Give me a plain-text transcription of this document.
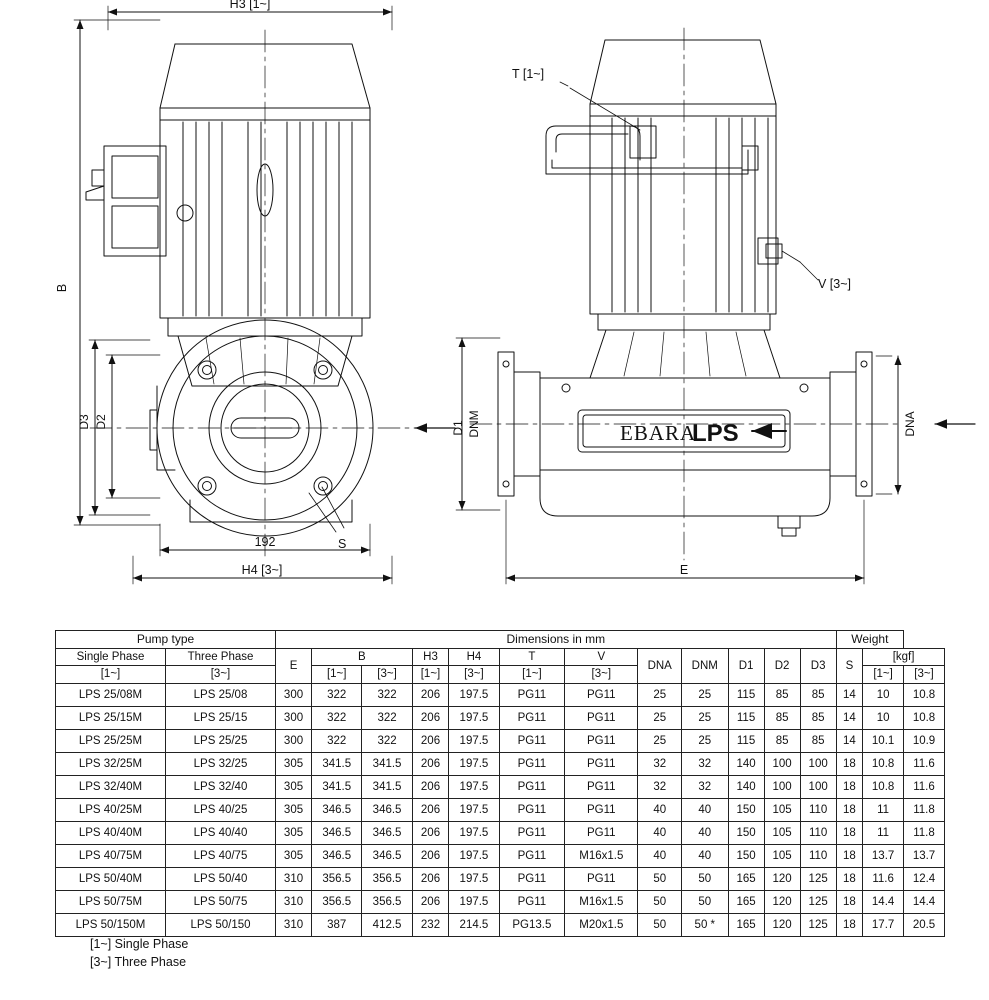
H3 [1~]
B
D3 D2
S
192
H4 [3~]
D1	EBARA
LPS
T [1~]
V [3~]
DNM	DNA
E
Pump type		Dimensions in mm												Weight		
Single Phase	Three Phase	E	B		H3	H4	T	V	DNA	DNM	D1	D2	D3	S	[kgf]	
[1~]	[3~]		[1~]	[3~]	[1~]	[3~]	[1~]	[3~]							[1~]	[3~]
LPS 25/08M	LPS 25/08	300	322	322	206	197.5	PG11	PG11	25	25	115	85	85	14	10	10.8
LPS 25/15M	LPS 25/15	300	322	322	206	197.5	PG11	PG11	25	25	115	85	85	14	10	10.8
LPS 25/25M	LPS 25/25	300	322	322	206	197.5	PG11	PG11	25	25	115	85	85	14	10.1	10.9
LPS 32/25M	LPS 32/25	305	341.5	341.5	206	197.5	PG11	PG11	32	32	140	100	100	18	10.8	11.6
LPS 32/40M	LPS 32/40	305	341.5	341.5	206	197.5	PG11	PG11	32	32	140	100	100	18	10.8	11.6
LPS 40/25M	LPS 40/25	305	346.5	346.5	206	197.5	PG11	PG11	40	40	150	105	110	18	11	11.8
LPS 40/40M	LPS 40/40	305	346.5	346.5	206	197.5	PG11	PG11	40	40	150	105	110	18	11	11.8
LPS 40/75M	LPS 40/75	305	346.5	346.5	206	197.5	PG11	M16x1.5	40	40	150	105	110	18	13.7	13.7
LPS 50/40M	LPS 50/40	310	356.5	356.5	206	197.5	PG11	PG11	50	50	165	120	125	18	11.6	12.4
LPS 50/75M	LPS 50/75	310	356.5	356.5	206	197.5	PG11	M16x1.5	50	50	165	120	125	18	14.4	14.4
LPS 50/150M	LPS 50/150	310	387	412.5	232	214.5	PG13.5	M20x1.5	50	50 *	165	120	125	18	17.7	20.5
[1~] Single Phase
[3~] Three Phase
